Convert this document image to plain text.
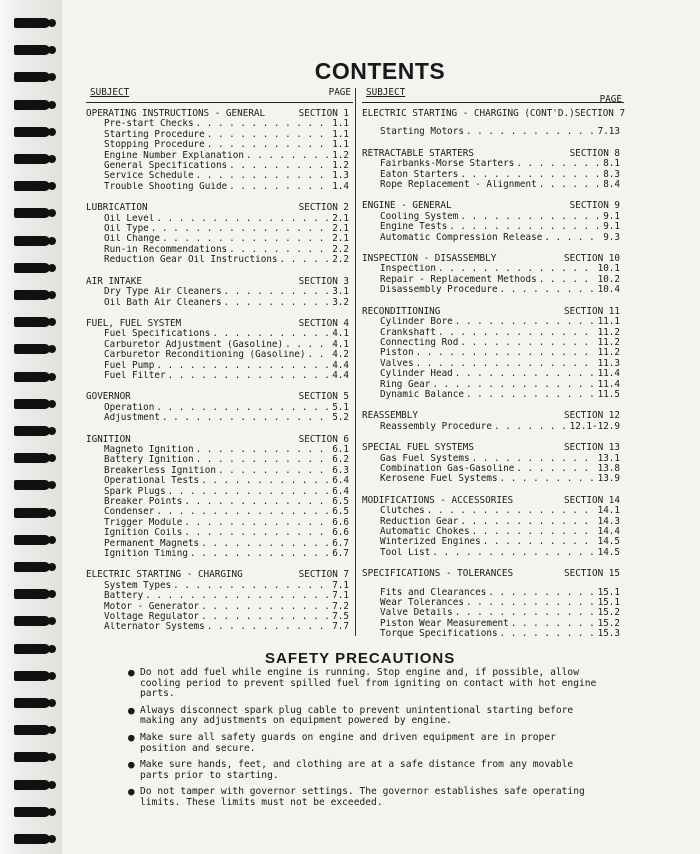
CONTENTS
SUBJECT	PAGE
OPERATING INSTRUCTIONS - GENERAL	SECTION 1
Pre-start Checks . . .	1.1
Starting Procedure . . .	1.1
Stopping Procedure . . .	1.1
Engine Number Explanation . . .	1.2
General Specifications . . .	1.2
Service Schedule . . .	1.3
Trouble Shooting Guide . . .	1.4
LUBRICATION	SECTION 2
Oil Level . . .	2.1
Oil Type . . .	2.1
Oil Change . . .	2.1
Run-in Recommendations . . .	2.2
Reduction Gear Oil Instructions . . .	2.2
AIR INTAKE	SECTION 3
Dry Type Air Cleaners . . .	3.1
Oil Bath Air Cleaners . . .	3.2
FUEL, FUEL SYSTEM	SECTION 4
Fuel Specifications . . .	4.1
Carburetor Adjustment (Gasoline) . . .	4.1
Carburetor Reconditioning (Gasoline) . . .	4.2
Fuel Pump . . .	4.4
Fuel Filter . . .	4.4
GOVERNOR	SECTION 5
Operation . . .	5.1
Adjustment . . .	5.2
IGNITION	SECTION 6
Magneto Ignition . . .	6.1
Battery Ignition . . .	6.2
Breakerless Ignition . . .	6.3
Operational Tests . . .	6.4
Spark Plugs . . .	6.4
Breaker Points . . .	6.5
Condenser . . .	6.5
Trigger Module . . .	6.6
Ignition Coils . . .	6.6
Permanent Magnets . . .	6.7
Ignition Timing . . .	6.7
ELECTRIC STARTING - CHARGING	SECTION 7
System Types . . .	7.1
Battery . . .	7.1
Motor - Generator . . .	7.2
Voltage Regulator . . .	7.5
Alternator Systems . . .	7.7
SUBJECT
PAGE
ELECTRIC STARTING - CHARGING (CONT'D.) SECTION 7
Starting Motors . . .	7.13
RETRACTABLE STARTERS	SECTION 8
Fairbanks-Morse Starters . . .	8.1
Eaton Starters . . .	8.3
Rope Replacement - Alignment . . .	8.4
ENGINE - GENERAL	SECTION 9
Cooling System . . .	9.1
Engine Tests . . .	9.1
Automatic Compression Release . . .	9.3
INSPECTION - DISASSEMBLY	SECTION 10
Inspection . . .	10.1
Repair - Replacement Methods . . .	10.2
Disassembly Procedure . . .	10.4
RECONDITIONING	SECTION 11
Cylinder Bore . . .	11.1
Crankshaft . . .	11.2
Connecting Rod . . .	11.2
Piston . . .	11.2
Valves . . .	11.3
Cylinder Head . . .	11.4
Ring Gear . . .	11.4
Dynamic Balance . . .	11.5
REASSEMBLY	SECTION 12
Reassembly Procedure . . .	12.1-12.9
SPECIAL FUEL SYSTEMS	SECTION 13
Gas Fuel Systems . . .	13.1
Combination Gas-Gasoline . . .	13.8
Kerosene Fuel Systems . . .	13.9
MODIFICATIONS - ACCESSORIES	SECTION 14
Clutches . . .	14.1
Reduction Gear . . .	14.3
Automatic Chokes . . .	14.4
Winterized Engines . . .	14.5
Tool List . . .	14.5
SPECIFICATIONS - TOLERANCES	SECTION 15
Fits and Clearances . . .	15.1
Wear Tolerances . . .	15.1
Valve Details . . .	15.2
Piston Wear Measurement . . .	15.2
Torque Specifications . . .	15.3
SAFETY PRECAUTIONS
● Do not add fuel while engine is running. Stop engine and, if possible, allow cooling period to prevent spilled fuel from igniting on contact with hot engine parts.
● Always disconnect spark plug cable to prevent unintentional starting before making any adjustments on equipment powered by engine.
● Make sure all safety guards on engine and driven equipment are in proper position and secure.
● Make sure hands, feet, and clothing are at a safe distance from any movable parts prior to starting.
● Do not tamper with governor settings. The governor establishes safe operating limits. These limits must not be exceeded.
